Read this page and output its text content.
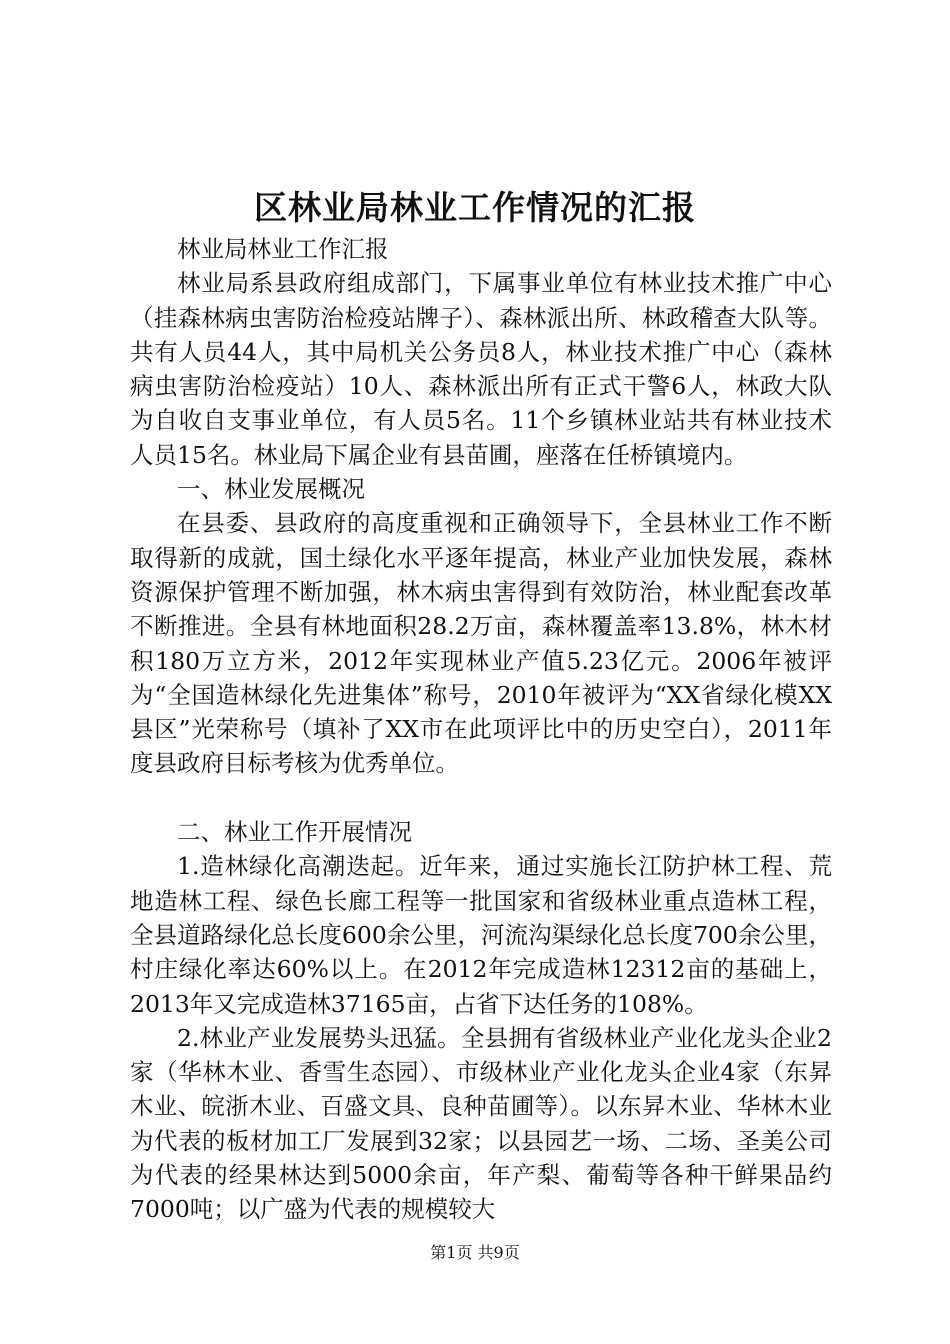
区林业局林业工作情况的汇报

林业局林业工作汇报

林业局系县政府组成部门，下属事业单位有林业技术推广中心（挂森林病虫害防治检疫站牌子）、森林派出所、林政稽查大队等。共有人员44人，其中局机关公务员8人，林业技术推广中心（森林病虫害防治检疫站）10人、森林派出所有正式干警6人，林政大队为自收自支事业单位，有人员5名。11个乡镇林业站共有林业技术人员15名。林业局下属企业有县苗圃，座落在任桥镇境内。

一、林业发展概况

在县委、县政府的高度重视和正确领导下，全县林业工作不断取得新的成就，国土绿化水平逐年提高，林业产业加快发展，森林资源保护管理不断加强，林木病虫害得到有效防治，林业配套改革不断推进。全县有林地面积28.2万亩，森林覆盖率13.8%，林木材积180万立方米，2012年实现林业产值5.23亿元。2006年被评为“全国造林绿化先进集体”称号，2010年被评为“XX省绿化模XX县区”光荣称号（填补了XX市在此项评比中的历史空白），2011年度县政府目标考核为优秀单位。

二、林业工作开展情况

1.造林绿化高潮迭起。近年来，通过实施长江防护林工程、荒地造林工程、绿色长廊工程等一批国家和省级林业重点造林工程，全县道路绿化总长度600余公里，河流沟渠绿化总长度700余公里，村庄绿化率达60%以上。在2012年完成造林12312亩的基础上，2013年又完成造林37165亩，占省下达任务的108%。

2.林业产业发展势头迅猛。全县拥有省级林业产业化龙头企业2家（华林木业、香雪生态园）、市级林业产业化龙头企业4家（东昇木业、皖浙木业、百盛文具、良种苗圃等）。以东昇木业、华林木业为代表的板材加工厂发展到32家；以县园艺一场、二场、圣美公司为代表的经果林达到5000余亩，年产梨、葡萄等各种干鲜果品约7000吨；以广盛为代表的规模较大

第1页 共9页
